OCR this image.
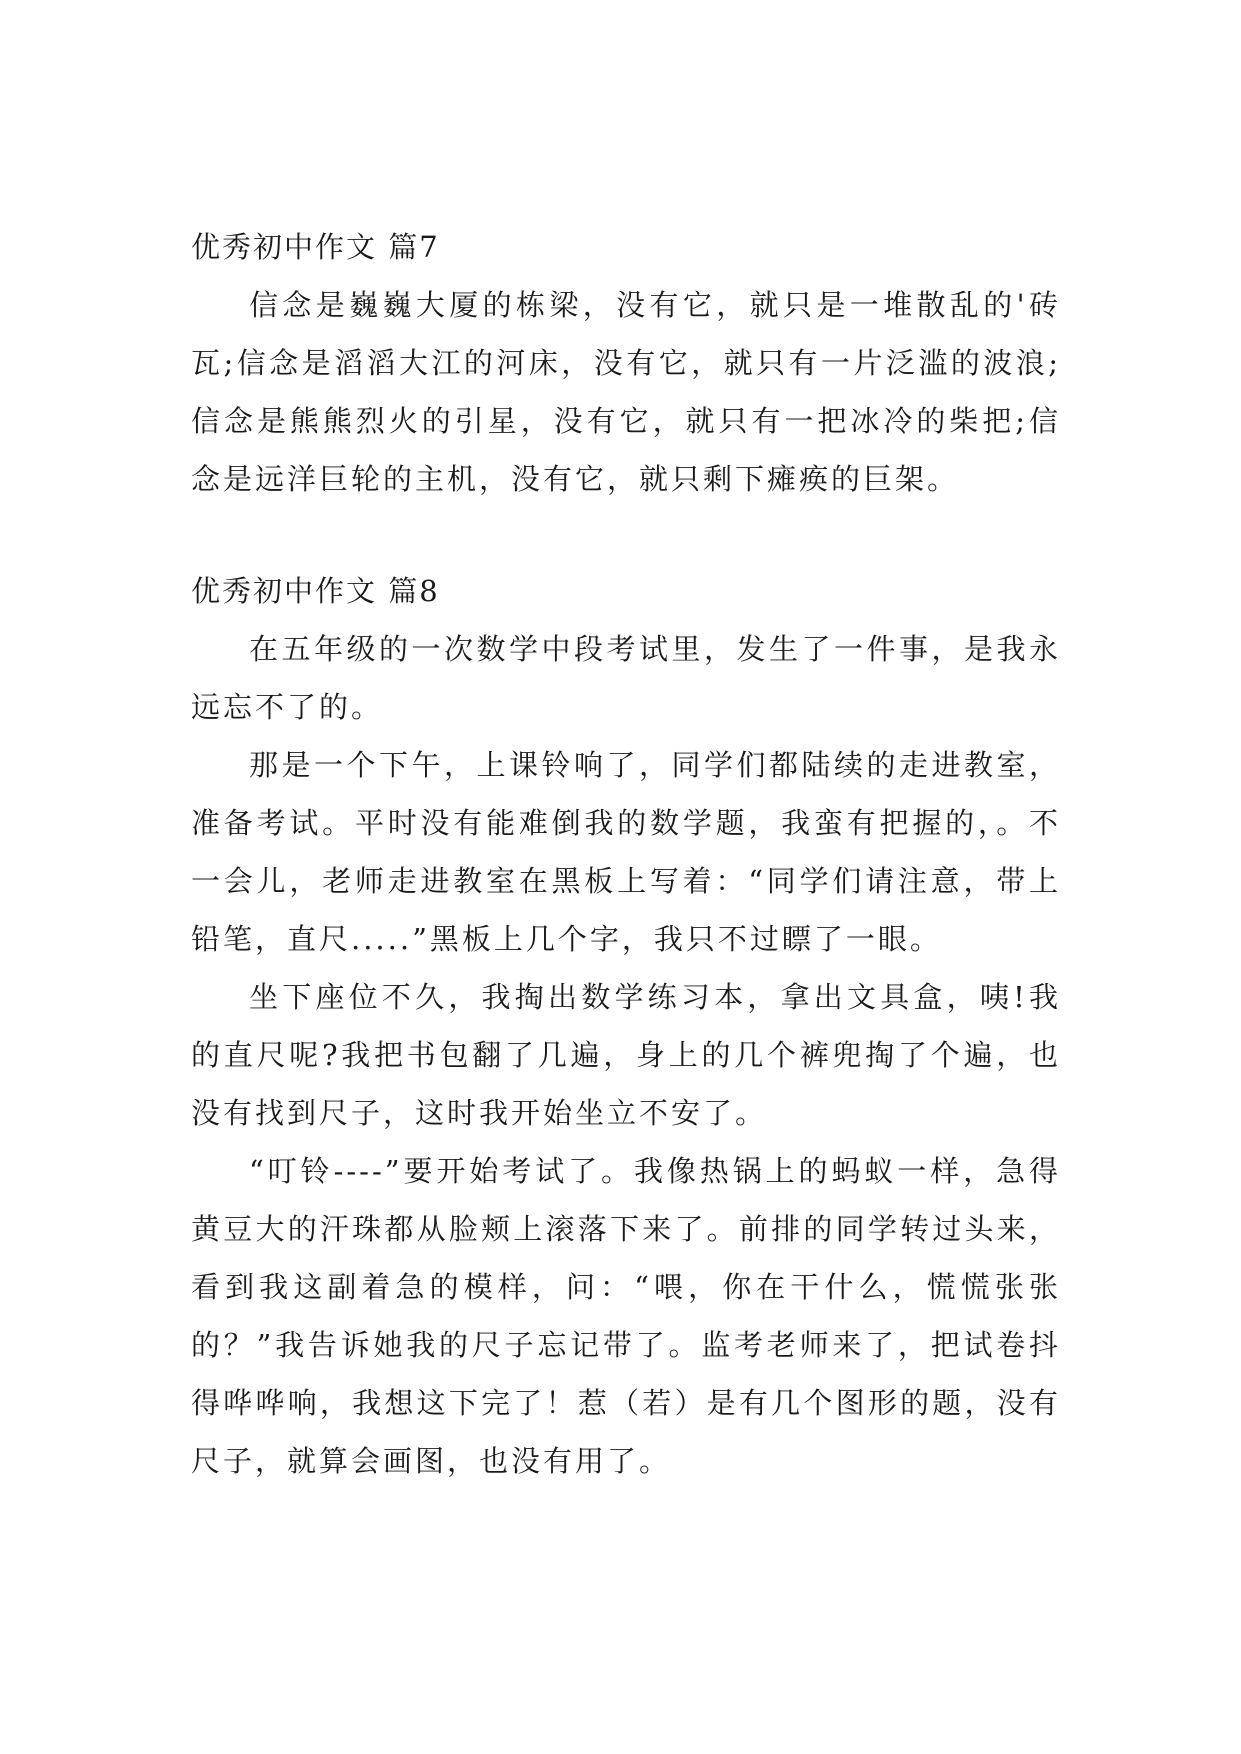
优秀初中作文 篇7

信念是巍巍大厦的栋梁，没有它，就只是一堆散乱的'砖瓦;信念是滔滔大江的河床，没有它，就只有一片泛滥的波浪;信念是熊熊烈火的引星，没有它，就只有一把冰冷的柴把;信念是远洋巨轮的主机，没有它，就只剩下瘫痪的巨架。

优秀初中作文 篇8

在五年级的一次数学中段考试里，发生了一件事，是我永远忘不了的。

那是一个下午，上课铃响了，同学们都陆续的走进教室，准备考试。平时没有能难倒我的数学题，我蛮有把握的，。不一会儿，老师走进教室在黑板上写着：“同学们请注意，带上铅笔，直尺.....”黑板上几个字，我只不过瞟了一眼。

坐下座位不久，我掏出数学练习本，拿出文具盒，咦!我的直尺呢?我把书包翻了几遍，身上的几个裤兜掏了个遍，也没有找到尺子，这时我开始坐立不安了。

“叮铃----”要开始考试了。我像热锅上的蚂蚁一样，急得黄豆大的汗珠都从脸颊上滚落下来了。前排的同学转过头来，看到我这副着急的模样，问：“喂，你在干什么，慌慌张张的？”我告诉她我的尺子忘记带了。监考老师来了，把试卷抖得哗哗响，我想这下完了！惹（若）是有几个图形的题，没有尺子，就算会画图，也没有用了。
